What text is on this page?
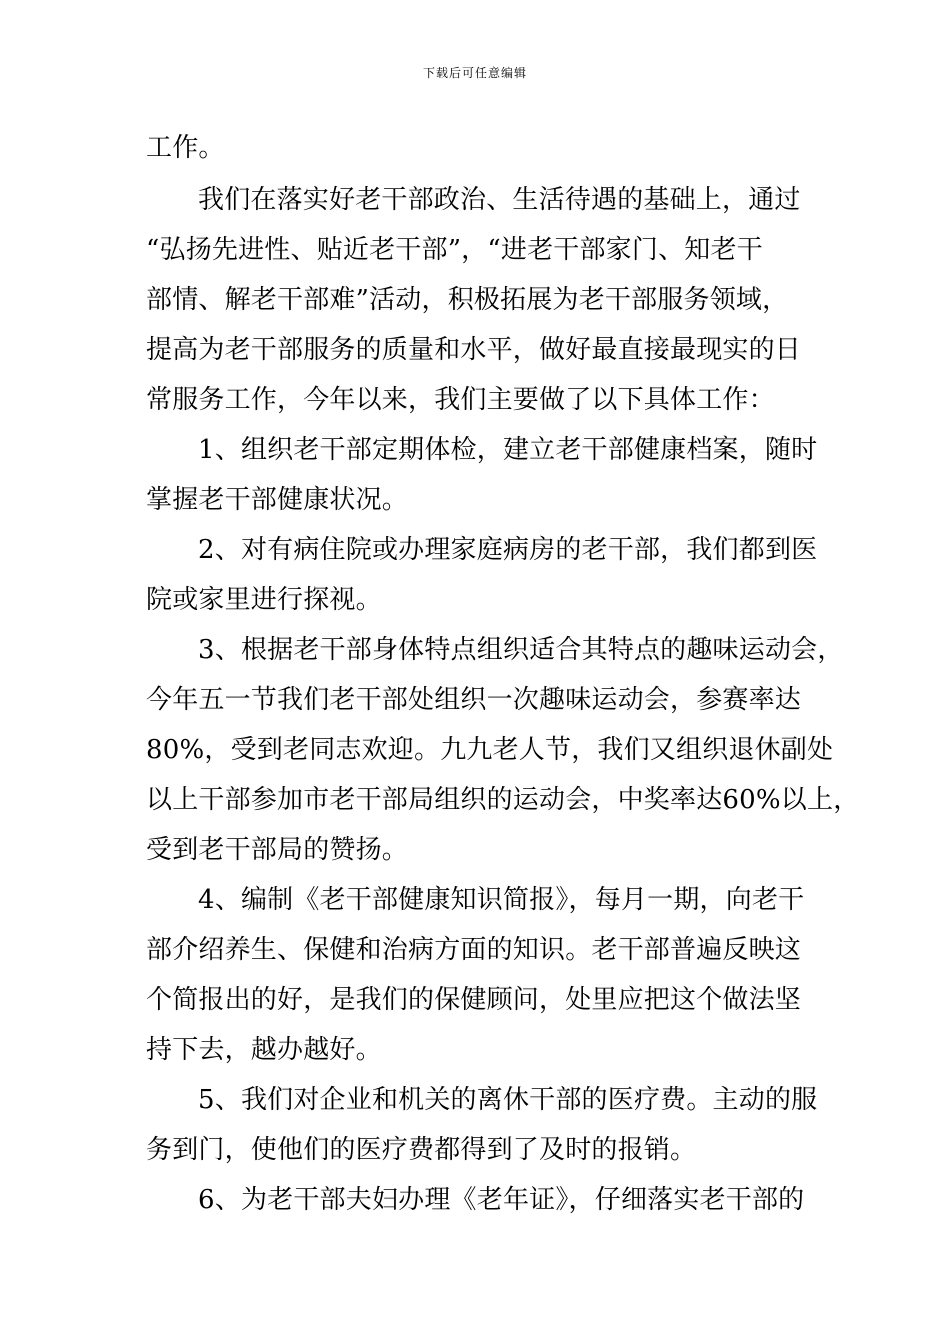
下载后可任意编辑
工作。
我们在落实好老干部政治、生活待遇的基础上，通过
“弘扬先进性、贴近老干部”，“进老干部家门、知老干
部情、解老干部难”活动，积极拓展为老干部服务领域，
提高为老干部服务的质量和水平，做好最直接最现实的日
常服务工作，今年以来，我们主要做了以下具体工作：
1、组织老干部定期体检，建立老干部健康档案，随时
掌握老干部健康状况。
2、对有病住院或办理家庭病房的老干部，我们都到医
院或家里进行探视。
3、根据老干部身体特点组织适合其特点的趣味运动会，
今年五一节我们老干部处组织一次趣味运动会，参赛率达
80%，受到老同志欢迎。九九老人节，我们又组织退休副处
以上干部参加市老干部局组织的运动会，中奖率达60%以上，
受到老干部局的赞扬。
4、编制《老干部健康知识简报》，每月一期，向老干
部介绍养生、保健和治病方面的知识。老干部普遍反映这
个简报出的好，是我们的保健顾问，处里应把这个做法坚
持下去，越办越好。
5、我们对企业和机关的离休干部的医疗费。主动的服
务到门，使他们的医疗费都得到了及时的报销。
6、为老干部夫妇办理《老年证》，仔细落实老干部的
